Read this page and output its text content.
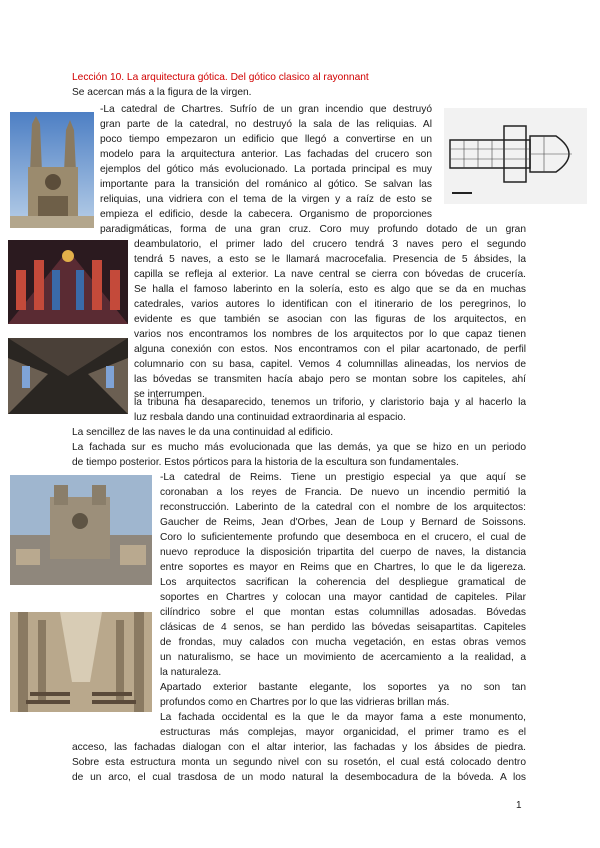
Lección 10. La arquitectura gótica. Del gótico clasico al rayonnant
Se acercan más a la figura de la virgen.
-La catedral de Chartres. Sufrío de un gran incendio que destruyó
gran parte de la catedral, no destruyó la sala de las reliquias. Al
poco tiempo empezaron un edificio que llegó a convertirse en un
modelo para la arquitectura anterior. Las fachadas del crucero son
ejemplos del gótico más evolucionado. La portada principal es muy
importante para la transición del románico al gótico. Se salvan las
reliquias, una vidriera con el tema de la virgen y a raíz de esto se
empieza el edificio, desde la cabecera. Organismo de proporciones
paradigmáticas, forma de una gran cruz. Coro muy profundo dotado de un gran
deambulatorio, el primer lado del crucero tendrá 3 naves pero el segundo
tendrá 5 naves, a esto se le llamará macrocefalia. Presencia de 5 ábsides, la
capilla se refleja al exterior. La nave central se cierra con bóvedas de crucería.
Se halla el famoso laberinto en la solería, esto es algo que se da en muchas
catedrales, varios autores lo identifican con el itinerario de los peregrinos, lo
evidente es que también se asocian con las figuras de los arquitectos, en
varios nos encontramos los nombres de los arquitectos por lo que capaz tienen
alguna conexión con estos. Nos encontramos con el pilar acartonado, de perfil
columnario con su basa, capitel. Vemos 4 columnillas alineadas, los nervios de
las bóvedas se transmiten hacía abajo pero se montan sobre los capiteles, ahí
se interrumpen.
la tribuna ha desaparecido, tenemos un triforio, y claristorio baja y al hacerlo la
luz resbala dando una continuidad extraordinaria al espacio.
La sencillez de las naves le da una continuidad al edificio.
La fachada sur es mucho más evolucionada que las demás, ya que se hizo en un periodo
de tiempo posterior. Estos pórticos para la historia de la escultura son fundamentales.
-La catedral de Reims. Tiene un prestigio especial ya que aquí se
coronaban a los reyes de Francia. De nuevo un incendio permitió la
reconstrucción. Laberinto de la catedral con el nombre de los arquitectos:
Gaucher de Reims, Jean d'Orbes, Jean de Loup y Bernard de Soissons.
Coro lo suficientemente profundo que desemboca en el crucero, el cual de
nuevo reproduce la disposición tripartita del cuerpo de naves, la distancia
entre soportes es mayor en Reims que en Chartres, lo que le da ligereza.
Los arquitectos sacrifican la coherencia del despliegue gramatical de
soportes en Chartres y colocan una mayor cantidad de capiteles. Pilar
cilíndrico sobre el que montan estas columnillas adosadas. Bóvedas
clásicas de 4 senos, se han perdido las bóvedas seisapartitas. Capiteles
de frondas, muy calados con mucha vegetación, en estas obras vemos
un naturalismo, se hace un movimiento de acercamiento a la realidad, a
la naturaleza.
Apartado exterior bastante elegante, los soportes ya no son tan
profundos como en Chartres por lo que las vidrieras brillan más.
La fachada occidental es la que le da mayor fama a este monumento,
estructuras más complejas, mayor organicidad, el primer tramo es el
acceso, las fachadas dialogan con el altar interior, las fachadas y los ábsides de piedra.
Sobre esta estructura monta un segundo nivel con su rosetón, el cual está colocado dentro
de un arco, el cual trasdosa de un modo natural la desembocadura de la bóveda. A los
1
